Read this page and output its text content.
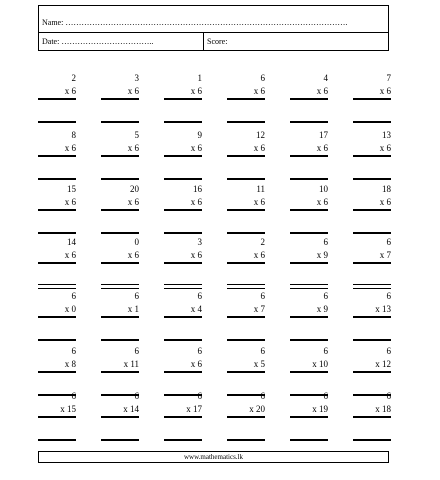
Name: …………………………………………………………………………………………….
Date: ……………………………..	Score:
2
x 6
3
x 6
1
x 6
6
x 6
4
x 6
7
x 6
8
x 6
5
x 6
9
x 6
12
x 6
17
x 6
13
x 6
15
x 6
20
x 6
16
x 6
11
x 6
10
x 6
18
x 6
14
x 6
0
x 6
3
x 6
2
x 6
6
x 9
6
x 7
6
x 0
6
x 1
6
x 4
6
x 7
6
x 9
6
x 13
6
x 8
6
x 11
6
x 6
6
x 5
6
x 10
6
x 12
6
x 15
6
x 14
6
x 17
6
x 20
6
x 19
6
x 18
www.mathematics.lk
